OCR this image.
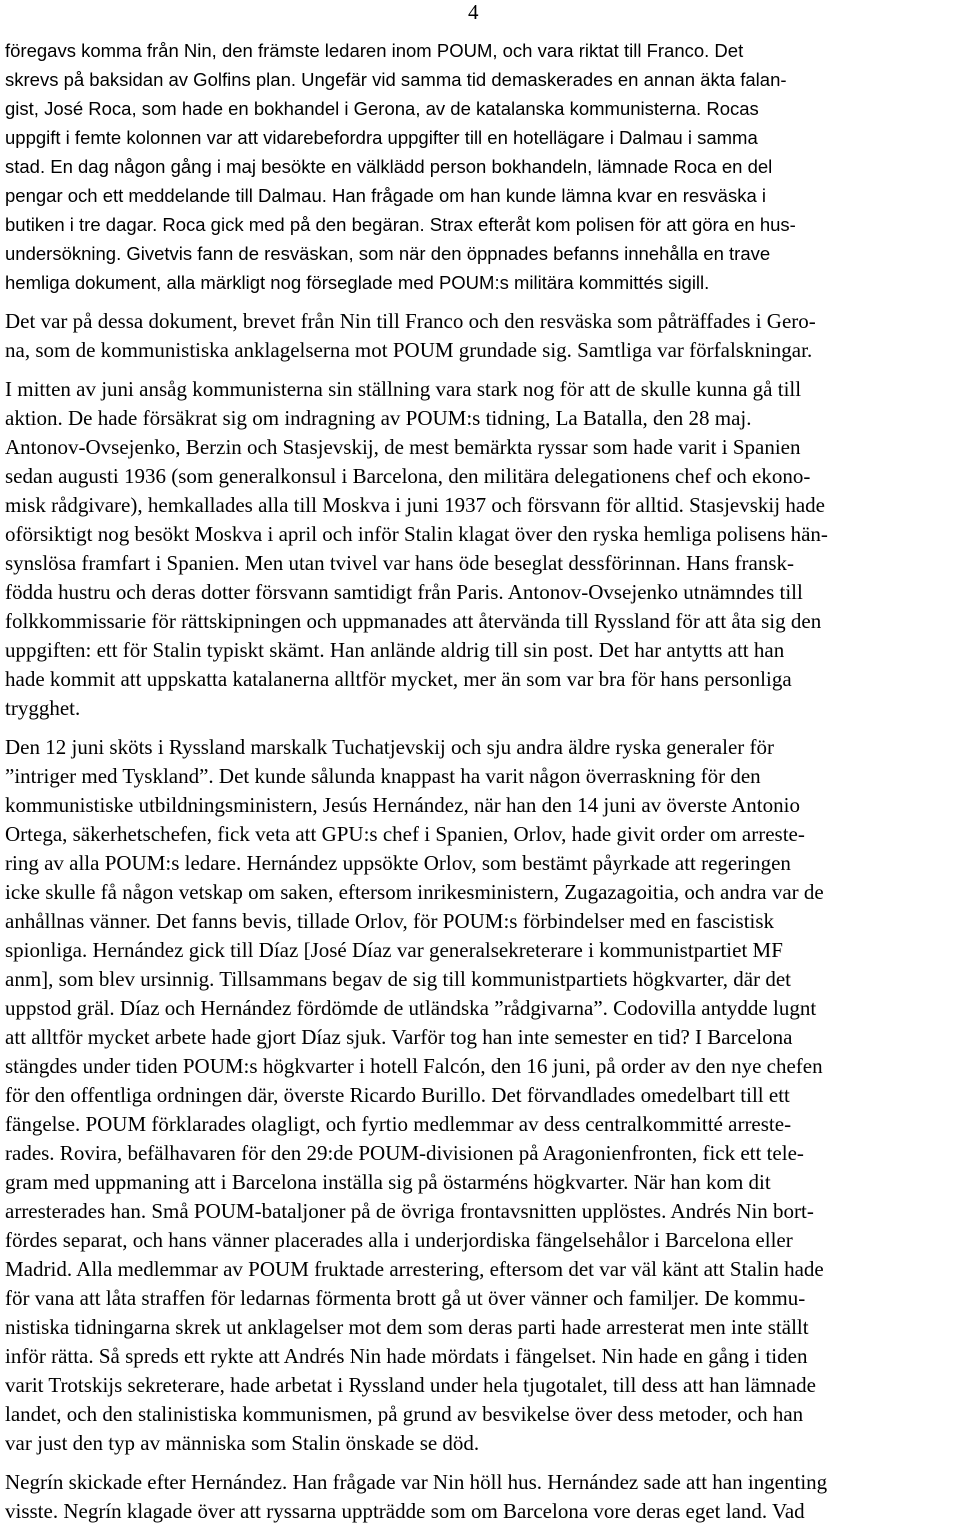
4

föregavs komma från Nin, den främste ledaren inom POUM, och vara riktat till Franco. Det
skrevs på baksidan av Golfins plan. Ungefär vid samma tid demaskerades en annan äkta falan-
gist, José Roca, som hade en bokhandel i Gerona, av de katalanska kommunisterna. Rocas
uppgift i femte kolonnen var att vidarebefordra uppgifter till en hotellägare i Dalmau i samma
stad. En dag någon gång i maj besökte en välklädd person bokhandeln, lämnade Roca en del
pengar och ett meddelande till Dalmau. Han frågade om han kunde lämna kvar en resväska i
butiken i tre dagar. Roca gick med på den begäran. Strax efteråt kom polisen för att göra en hus-
undersökning. Givetvis fann de resväskan, som när den öppnades befanns innehålla en trave
hemliga dokument, alla märkligt nog förseglade med POUM:s militära kommittés sigill.

Det var på dessa dokument, brevet från Nin till Franco och den resväska som påträffades i Gero-
na, som de kommunistiska anklagelserna mot POUM grundade sig. Samtliga var förfalskningar.

I mitten av juni ansåg kommunisterna sin ställning vara stark nog för att de skulle kunna gå till
aktion. De hade försäkrat sig om indragning av POUM:s tidning, La Batalla, den 28 maj.
Antonov-Ovsejenko, Berzin och Stasjevskij, de mest bemärkta ryssar som hade varit i Spanien
sedan augusti 1936 (som generalkonsul i Barcelona, den militära delegationens chef och ekono-
misk rådgivare), hemkallades alla till Moskva i juni 1937 och försvann för alltid. Stasjevskij hade
oförsiktigt nog besökt Moskva i april och inför Stalin klagat över den ryska hemliga polisens hän-
synslösa framfart i Spanien. Men utan tvivel var hans öde beseglat dessförinnan. Hans fransk-
födda hustru och deras dotter försvann samtidigt från Paris. Antonov-Ovsejenko utnämndes till
folkkommissarie för rättskipningen och uppmanades att återvända till Ryssland för att åta sig den
uppgiften: ett för Stalin typiskt skämt. Han anlände aldrig till sin post. Det har antytts att han
hade kommit att uppskatta katalanerna alltför mycket, mer än som var bra för hans personliga
trygghet.

Den 12 juni sköts i Ryssland marskalk Tuchatjevskij och sju andra äldre ryska generaler för
”intriger med Tyskland”. Det kunde sålunda knappast ha varit någon överraskning för den
kommunistiske utbildningsministern, Jesús Hernández, när han den 14 juni av överste Antonio
Ortega, säkerhetschefen, fick veta att GPU:s chef i Spanien, Orlov, hade givit order om arreste-
ring av alla POUM:s ledare. Hernández uppsökte Orlov, som bestämt påyrkade att regeringen
icke skulle få någon vetskap om saken, eftersom inrikesministern, Zugazagoitia, och andra var de
anhållnas vänner. Det fanns bevis, tillade Orlov, för POUM:s förbindelser med en fascistisk
spionliga. Hernández gick till Díaz [José Díaz var generalsekreterare i kommunistpartiet MF
anm], som blev ursinnig. Tillsammans begav de sig till kommunistpartiets högkvarter, där det
uppstod gräl. Díaz och Hernández fördömde de utländska ”rådgivarna”. Codovilla antydde lugnt
att alltför mycket arbete hade gjort Díaz sjuk. Varför tog han inte semester en tid? I Barcelona
stängdes under tiden POUM:s högkvarter i hotell Falcón, den 16 juni, på order av den nye chefen
för den offentliga ordningen där, överste Ricardo Burillo. Det förvandlades omedelbart till ett
fängelse. POUM förklarades olagligt, och fyrtio medlemmar av dess centralkommitté arreste-
rades. Rovira, befälhavaren för den 29:de POUM-divisionen på Aragonienfronten, fick ett tele-
gram med uppmaning att i Barcelona inställa sig på östarméns högkvarter. När han kom dit
arresterades han. Små POUM-bataljoner på de övriga frontavsnitten upplöstes. Andrés Nin bort-
fördes separat, och hans vänner placerades alla i underjordiska fängelsehålor i Barcelona eller
Madrid. Alla medlemmar av POUM fruktade arrestering, eftersom det var väl känt att Stalin hade
för vana att låta straffen för ledarnas förmenta brott gå ut över vänner och familjer. De kommu-
nistiska tidningarna skrek ut anklagelser mot dem som deras parti hade arresterat men inte ställt
inför rätta. Så spreds ett rykte att Andrés Nin hade mördats i fängelset. Nin hade en gång i tiden
varit Trotskijs sekreterare, hade arbetat i Ryssland under hela tjugotalet, till dess att han lämnade
landet, och den stalinistiska kommunismen, på grund av besvikelse över dess metoder, och han
var just den typ av människa som Stalin önskade se död.

Negrín skickade efter Hernández. Han frågade var Nin höll hus. Hernández sade att han ingenting
visste. Negrín klagade över att ryssarna uppträdde som om Barcelona vore deras eget land. Vad
